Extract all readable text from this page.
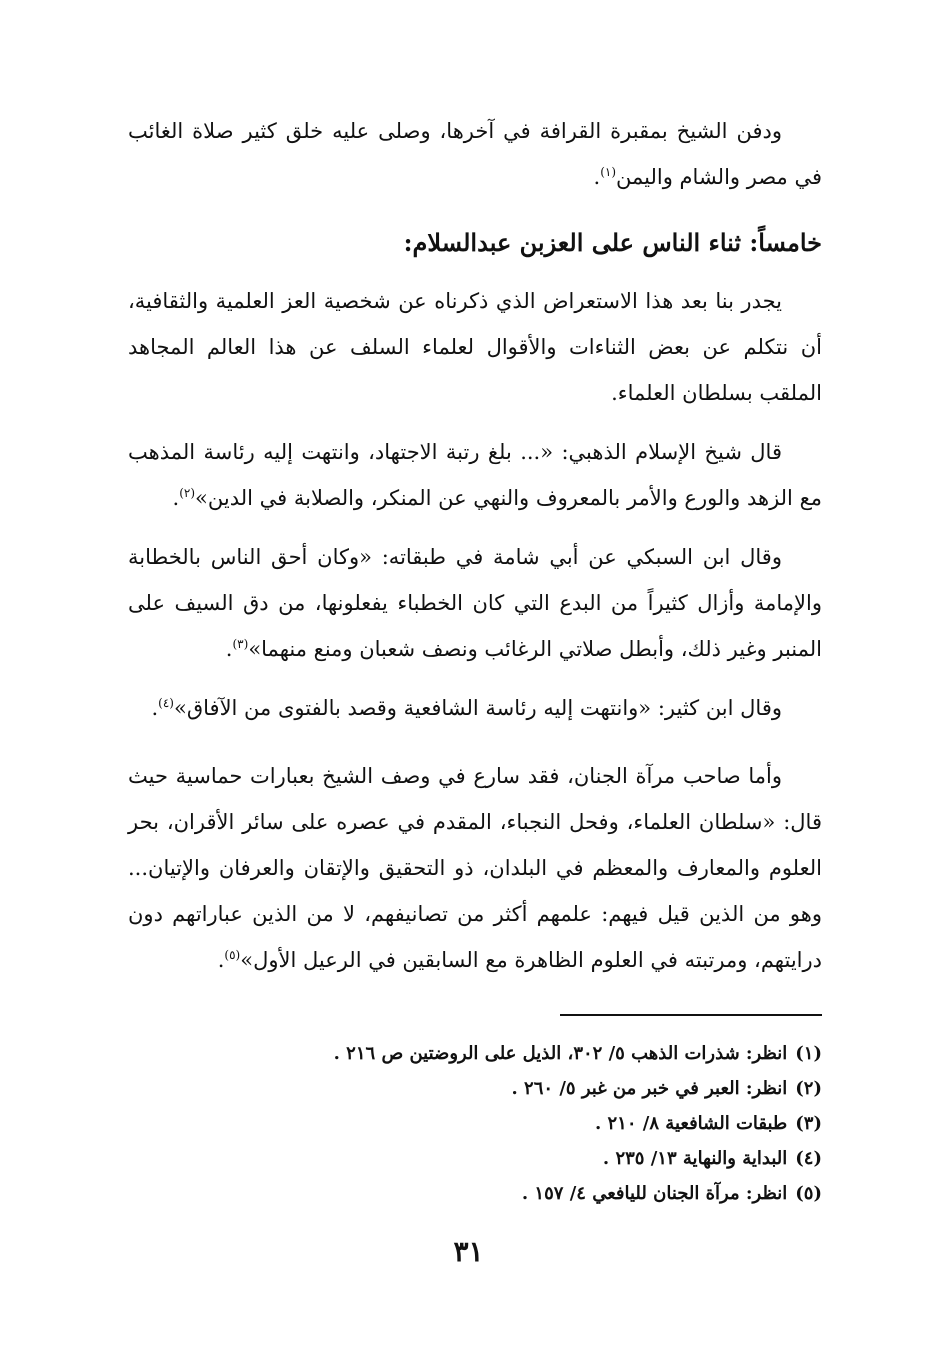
ودفن الشيخ بمقبرة القرافة في آخرها، وصلى عليه خلق كثير صلاة الغائب في مصر والشام واليمن$^{(١)}$.

خامساً: ثناء الناس على العزبن عبدالسلام:

يجدر بنا بعد هذا الاستعراض الذي ذكرناه عن شخصية العز العلمية والثقافية، أن نتكلم عن بعض الثناءات والأقوال لعلماء السلف عن هذا العالم المجاهد الملقب بسلطان العلماء.

قال شيخ الإسلام الذهبي: «... بلغ رتبة الاجتهاد، وانتهت إليه رئاسة المذهب مع الزهد والورع والأمر بالمعروف والنهي عن المنكر، والصلابة في الدين»$^{(٢)}$.

وقال ابن السبكي عن أبي شامة في طبقاته: «وكان أحق الناس بالخطابة والإمامة وأزال كثيراً من البدع التي كان الخطباء يفعلونها، من دق السيف على المنبر وغير ذلك، وأبطل صلاتي الرغائب ونصف شعبان ومنع منهما»$^{(٣)}$.

وقال ابن كثير: «وانتهت إليه رئاسة الشافعية وقصد بالفتوى من الآفاق»$^{(٤)}$.

وأما صاحب مرآة الجنان، فقد سارع في وصف الشيخ بعبارات حماسية حيث قال: «سلطان العلماء، وفحل النجباء، المقدم في عصره على سائر الأقران، بحر العلوم والمعارف والمعظم في البلدان، ذو التحقيق والإتقان والعرفان والإتيان... وهو من الذين قيل فيهم: علمهم أكثر من تصانيفهم، لا من الذين عباراتهم دون درايتهم، ومرتبته في العلوم الظاهرة مع السابقين في الرعيل الأول»$^{(٥)}$.

(١)انظر: شذرات الذهب ٥/ ٣٠٢، الذيل على الروضتين ص ٢١٦ .
(٢)انظر: العبر في خبر من غبر ٥/ ٢٦٠ .
(٣)طبقات الشافعية ٨/ ٢١٠ .
(٤)البداية والنهاية ١٣/ ٢٣٥ .
(٥)انظر: مرآة الجنان لليافعي ٤/ ١٥٧ .
٣١
